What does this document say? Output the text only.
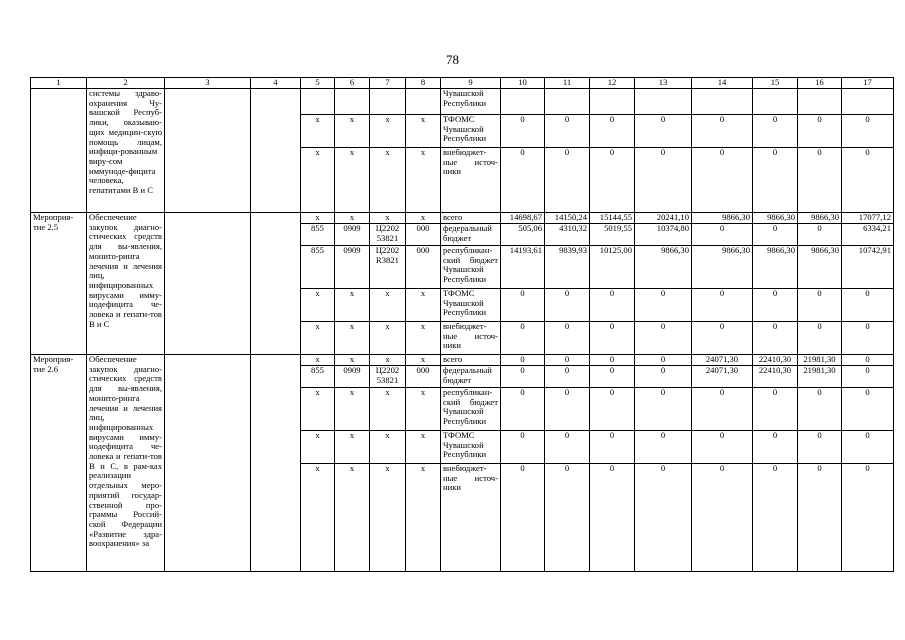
78
1	2	3	4	5	6	7	8	9	10	11	12	13	14	15	16	17
	системы здраво-охранения Чу-вашской Респуб-лики, оказываю-щих медицин-скую помощь лицам, инфици-рованным виру-сом иммуноде-фицита человека, гепатитами B и C							Чувашской Республики								
				x	x	x	x	ТФОМС Чувашской Республики	0	0	0	0	0	0	0	0
				x	x	x	x	внебюджет-ные источ-ники	0	0	0	0	0	0	0	0
Мероприя-тие 2.5	Обеспечение закупок диагно-стических средств для вы-явления, монито-ринга лечения и лечения лиц, инфицированных вирусами имму-нодефицита че-ловека и гепати-тов B и C			x	x	x	x	всего	14698,67	14150,24	15144,55	20241,10	9866,30	9866,30	9866,30	17077,12
				855	0909	Ц2202 53821	000	федеральный бюджет	505,06	4310,32	5019,55	10374,80	0	0	0	6334,21
				855	0909	Ц2202 R3821	000	республикан-ский бюджет Чувашской Республики	14193,61	9839,93	10125,00	9866,30	9866,30	9866,30	9866,30	10742,91
				x	x	x	x	ТФОМС Чувашской Республики	0	0	0	0	0	0	0	0
				x	x	x	x	внебюджет-ные источ-ники	0	0	0	0	0	0	0	0
Мероприя-тие 2.6	Обеспечение закупок диагно-стических средств для вы-явления, монито-ринга лечения и лечения лиц, инфицированных вирусами имму-нодефицита че-ловека и гепати-тов B и C, в рам-ках реализации отдельных меро-приятий государ-ственной про-граммы Россий-ской Федерации «Развитие здра-воохранения» за			x	x	x	x	всего	0	0	0	0	24071,30	22410,30	21981,30	0
				855	0909	Ц2202 53821	000	федеральный бюджет	0	0	0	0	24071,30	22410,30	21981,30	0
				x	x	x	x	республикан-ский бюджет Чувашской Республики	0	0	0	0	0	0	0	0
				x	x	x	x	ТФОМС Чувашской Республики	0	0	0	0	0	0	0	0
				x	x	x	x	внебюджет-ные источ-ники	0	0	0	0	0	0	0	0
